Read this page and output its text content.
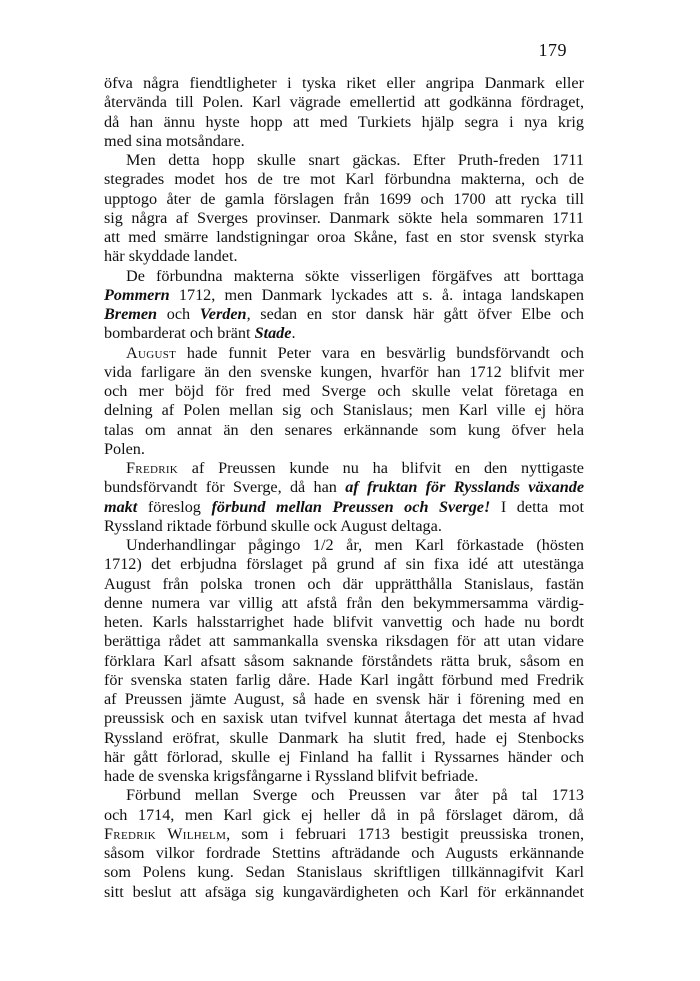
179
öfva några fiendtligheter i tyska riket eller angripa Danmark eller
återvända till Polen. Karl vägrade emellertid att godkänna fördraget,
då han ännu hyste hopp att med Turkiets hjälp segra i nya krig
med sina motsåndare.
Men detta hopp skulle snart gäckas. Efter Pruth-freden 1711
stegrades modet hos de tre mot Karl förbundna makterna, och de
upptogo åter de gamla förslagen från 1699 och 1700 att rycka till
sig några af Sverges provinser. Danmark sökte hela sommaren 1711
att med smärre landstigningar oroa Skåne, fast en stor svensk styrka
här skyddade landet.
De förbundna makterna sökte visserligen förgäfves att borttaga
Pommern 1712, men Danmark lyckades att s. å. intaga landskapen
Bremen och Verden, sedan en stor dansk här gått öfver Elbe och
bombarderat och bränt Stade.
August hade funnit Peter vara en besvärlig bundsförvandt och
vida farligare än den svenske kungen, hvarför han 1712 blifvit mer
och mer böjd för fred med Sverge och skulle velat företaga en
delning af Polen mellan sig och Stanislaus; men Karl ville ej höra
talas om annat än den senares erkännande som kung öfver hela
Polen.
Fredrik af Preussen kunde nu ha blifvit en den nyttigaste
bundsförvandt för Sverge, då han af fruktan för Rysslands växande
makt föreslog förbund mellan Preussen och Sverge! I detta mot
Ryssland riktade förbund skulle ock August deltaga.
Underhandlingar pågingo 1/2 år, men Karl förkastade (hösten
1712) det erbjudna förslaget på grund af sin fixa idé att utestänga
August från polska tronen och där upprätthålla Stanislaus, fastän
denne numera var villig att afstå från den bekymmersamma värdig-
heten. Karls halsstarrighet hade blifvit vanvettig och hade nu bordt
berättiga rådet att sammankalla svenska riksdagen för att utan vidare
förklara Karl afsatt såsom saknande förståndets rätta bruk, såsom en
för svenska staten farlig dåre. Hade Karl ingått förbund med Fredrik
af Preussen jämte August, så hade en svensk här i förening med en
preussisk och en saxisk utan tvifvel kunnat återtaga det mesta af hvad
Ryssland eröfrat, skulle Danmark ha slutit fred, hade ej Stenbocks
här gått förlorad, skulle ej Finland ha fallit i Ryssarnes händer och
hade de svenska krigsfångarne i Ryssland blifvit befriade.
Förbund mellan Sverge och Preussen var åter på tal 1713
och 1714, men Karl gick ej heller då in på förslaget därom, då
Fredrik Wilhelm, som i februari 1713 bestigit preussiska tronen,
såsom vilkor fordrade Stettins afträdande och Augusts erkännande
som Polens kung. Sedan Stanislaus skriftligen tillkännagifvit Karl
sitt beslut att afsäga sig kungavärdigheten och Karl för erkännandet
